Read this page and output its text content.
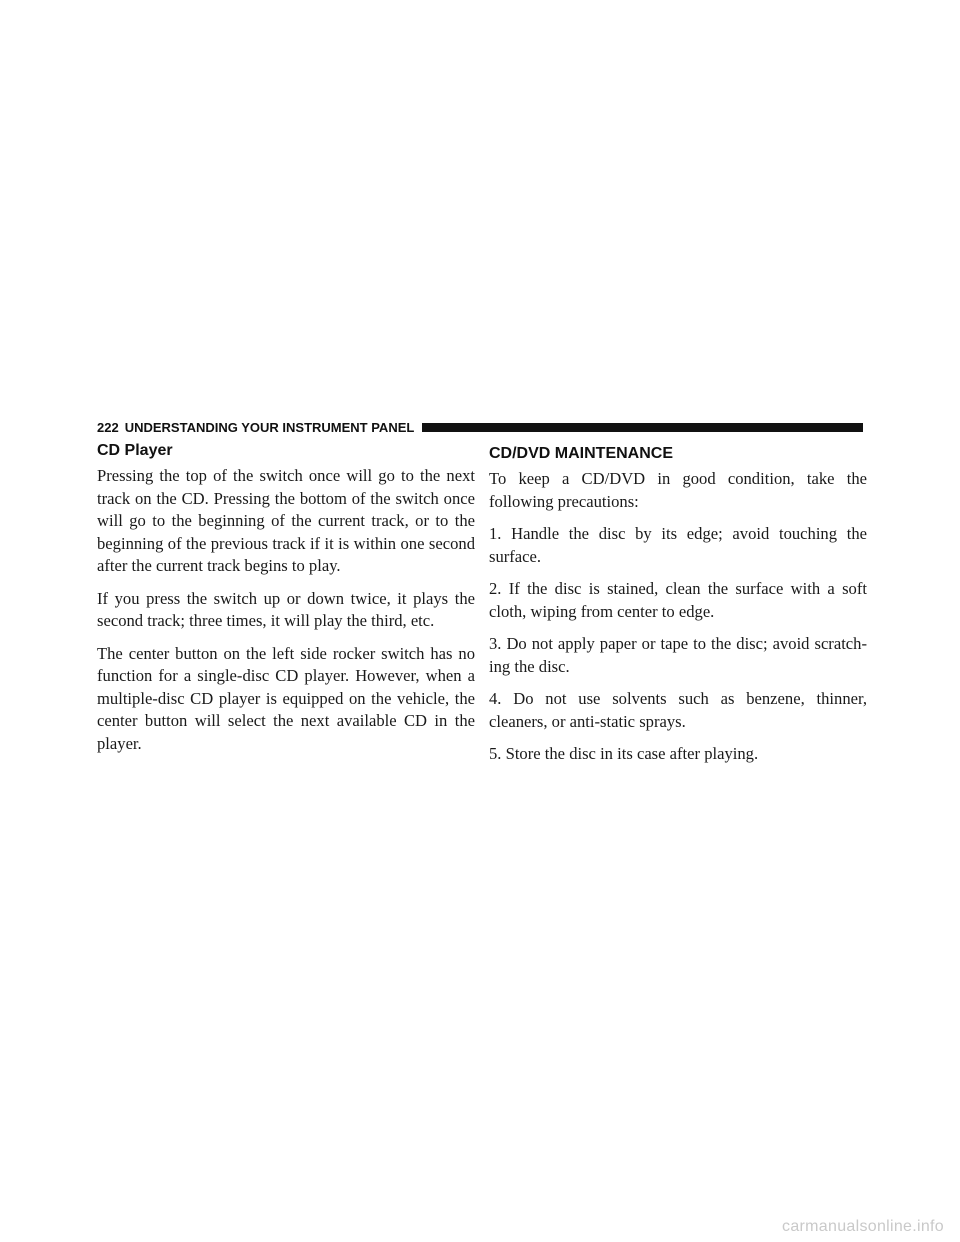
222 UNDERSTANDING YOUR INSTRUMENT PANEL
CD Player

Pressing the top of the switch once will go to the next track on the CD. Pressing the bottom of the switch once will go to the beginning of the current track, or to the beginning of the previous track if it is within one second after the current track begins to play.

If you press the switch up or down twice, it plays the second track; three times, it will play the third, etc.

The center button on the left side rocker switch has no function for a single-disc CD player. However, when a multiple-disc CD player is equipped on the vehicle, the center button will select the next available CD in the player.

CD/DVD MAINTENANCE

To keep a CD/DVD in good condition, take the following precautions:

1. Handle the disc by its edge; avoid touching the surface.

2. If the disc is stained, clean the surface with a soft cloth, wiping from center to edge.

3. Do not apply paper or tape to the disc; avoid scratch-ing the disc.

4. Do not use solvents such as benzene, thinner, cleaners, or anti-static sprays.

5. Store the disc in its case after playing.

carmanualsonline.info
